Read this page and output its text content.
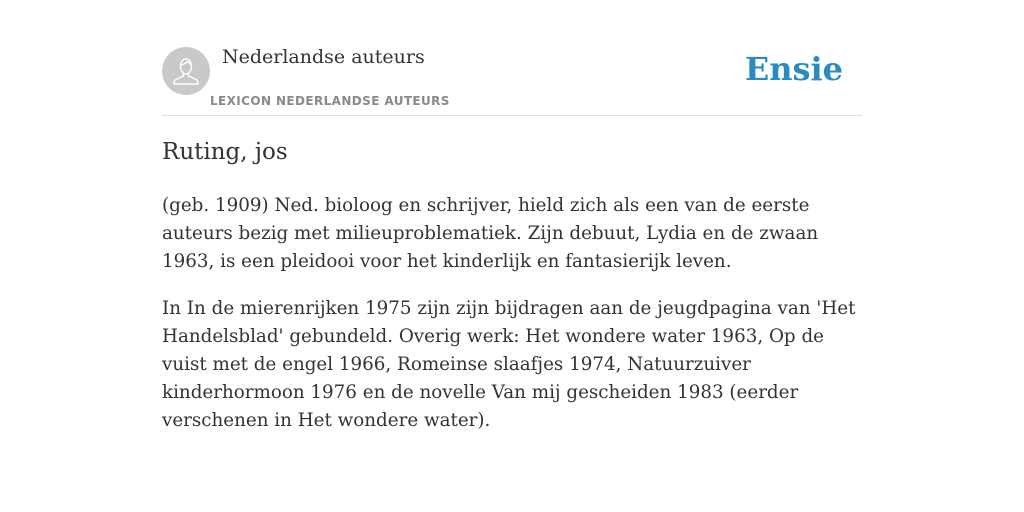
Nederlandse auteurs
LEXICON NEDERLANDSE AUTEURS
Ensie
Ruting, jos

(geb. 1909) Ned. bioloog en schrijver, hield zich als een van de eerste auteurs bezig met milieuproblematiek. Zijn debuut, Lydia en de zwaan 1963, is een pleidooi voor het kinderlijk en fantasierijk leven.

In In de mierenrijken 1975 zijn zijn bijdragen aan de jeugdpagina van 'Het Handelsblad' gebundeld. Overig werk: Het wondere water 1963, Op de vuist met de engel 1966, Romeinse slaafjes 1974, Natuurzuiver kinderhormoon 1976 en de novelle Van mij gescheiden 1983 (eerder verschenen in Het wondere water).
